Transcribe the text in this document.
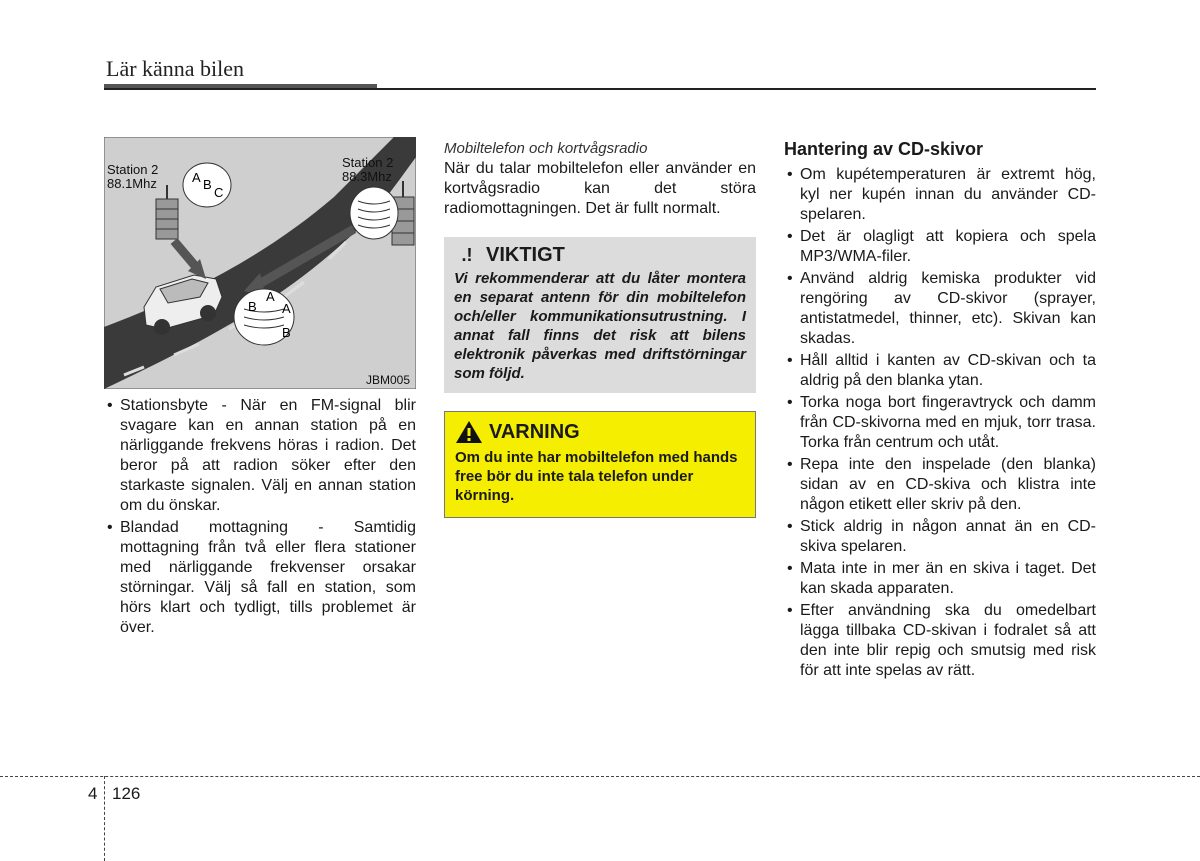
Lär känna bilen
Station 2
88.1Mhz
Station 2
88.3Mhz
A B
C
A
B A
B
JBM005
• Stationsbyte - När en FM-signal blir svagare kan en annan station på en närliggande frekvens höras i radion. Det beror på att radion söker efter den starkaste signalen. Välj en annan station om du önskar.
• Blandad mottagning - Samtidig mottagning från två eller flera stationer med närliggande frekvenser orsakar störningar. Välj så fall en station, som hörs klart och tydligt, tills problemet är över.
Mobiltelefon och kortvågsradio
När du talar mobiltelefon eller använder en kortvågsradio kan det störa radiomottagningen. Det är fullt normalt.
.! VIKTIGT
Vi rekommenderar att du låter montera en separat antenn för din mobiltelefon och/eller kommunikationsutrustning. I annat fall finns det risk att bilens elektronik påverkas med driftstörningar som följd.
VARNING
Om du inte har mobiltelefon med hands free bör du inte tala telefon under körning.
Hantering av CD-skivor
• Om kupétemperaturen är extremt hög, kyl ner kupén innan du använder CD-spelaren.
• Det är olagligt att kopiera och spela MP3/WMA-filer.
• Använd aldrig kemiska produkter vid rengöring av CD-skivor (sprayer, antistatmedel, thinner, etc). Skivan kan skadas.
• Håll alltid i kanten av CD-skivan och ta aldrig på den blanka ytan.
• Torka noga bort fingeravtryck och damm från CD-skivorna med en mjuk, torr trasa. Torka från centrum och utåt.
• Repa inte den inspelade (den blanka) sidan av en CD-skiva och klistra inte någon etikett eller skriv på den.
• Stick aldrig in någon annat än en CD-skiva spelaren.
• Mata inte in mer än en skiva i taget. Det kan skada apparaten.
• Efter användning ska du omedelbart lägga tillbaka CD-skivan i fodralet så att den inte blir repig och smutsig med risk för att inte spelas av rätt.
4 126
